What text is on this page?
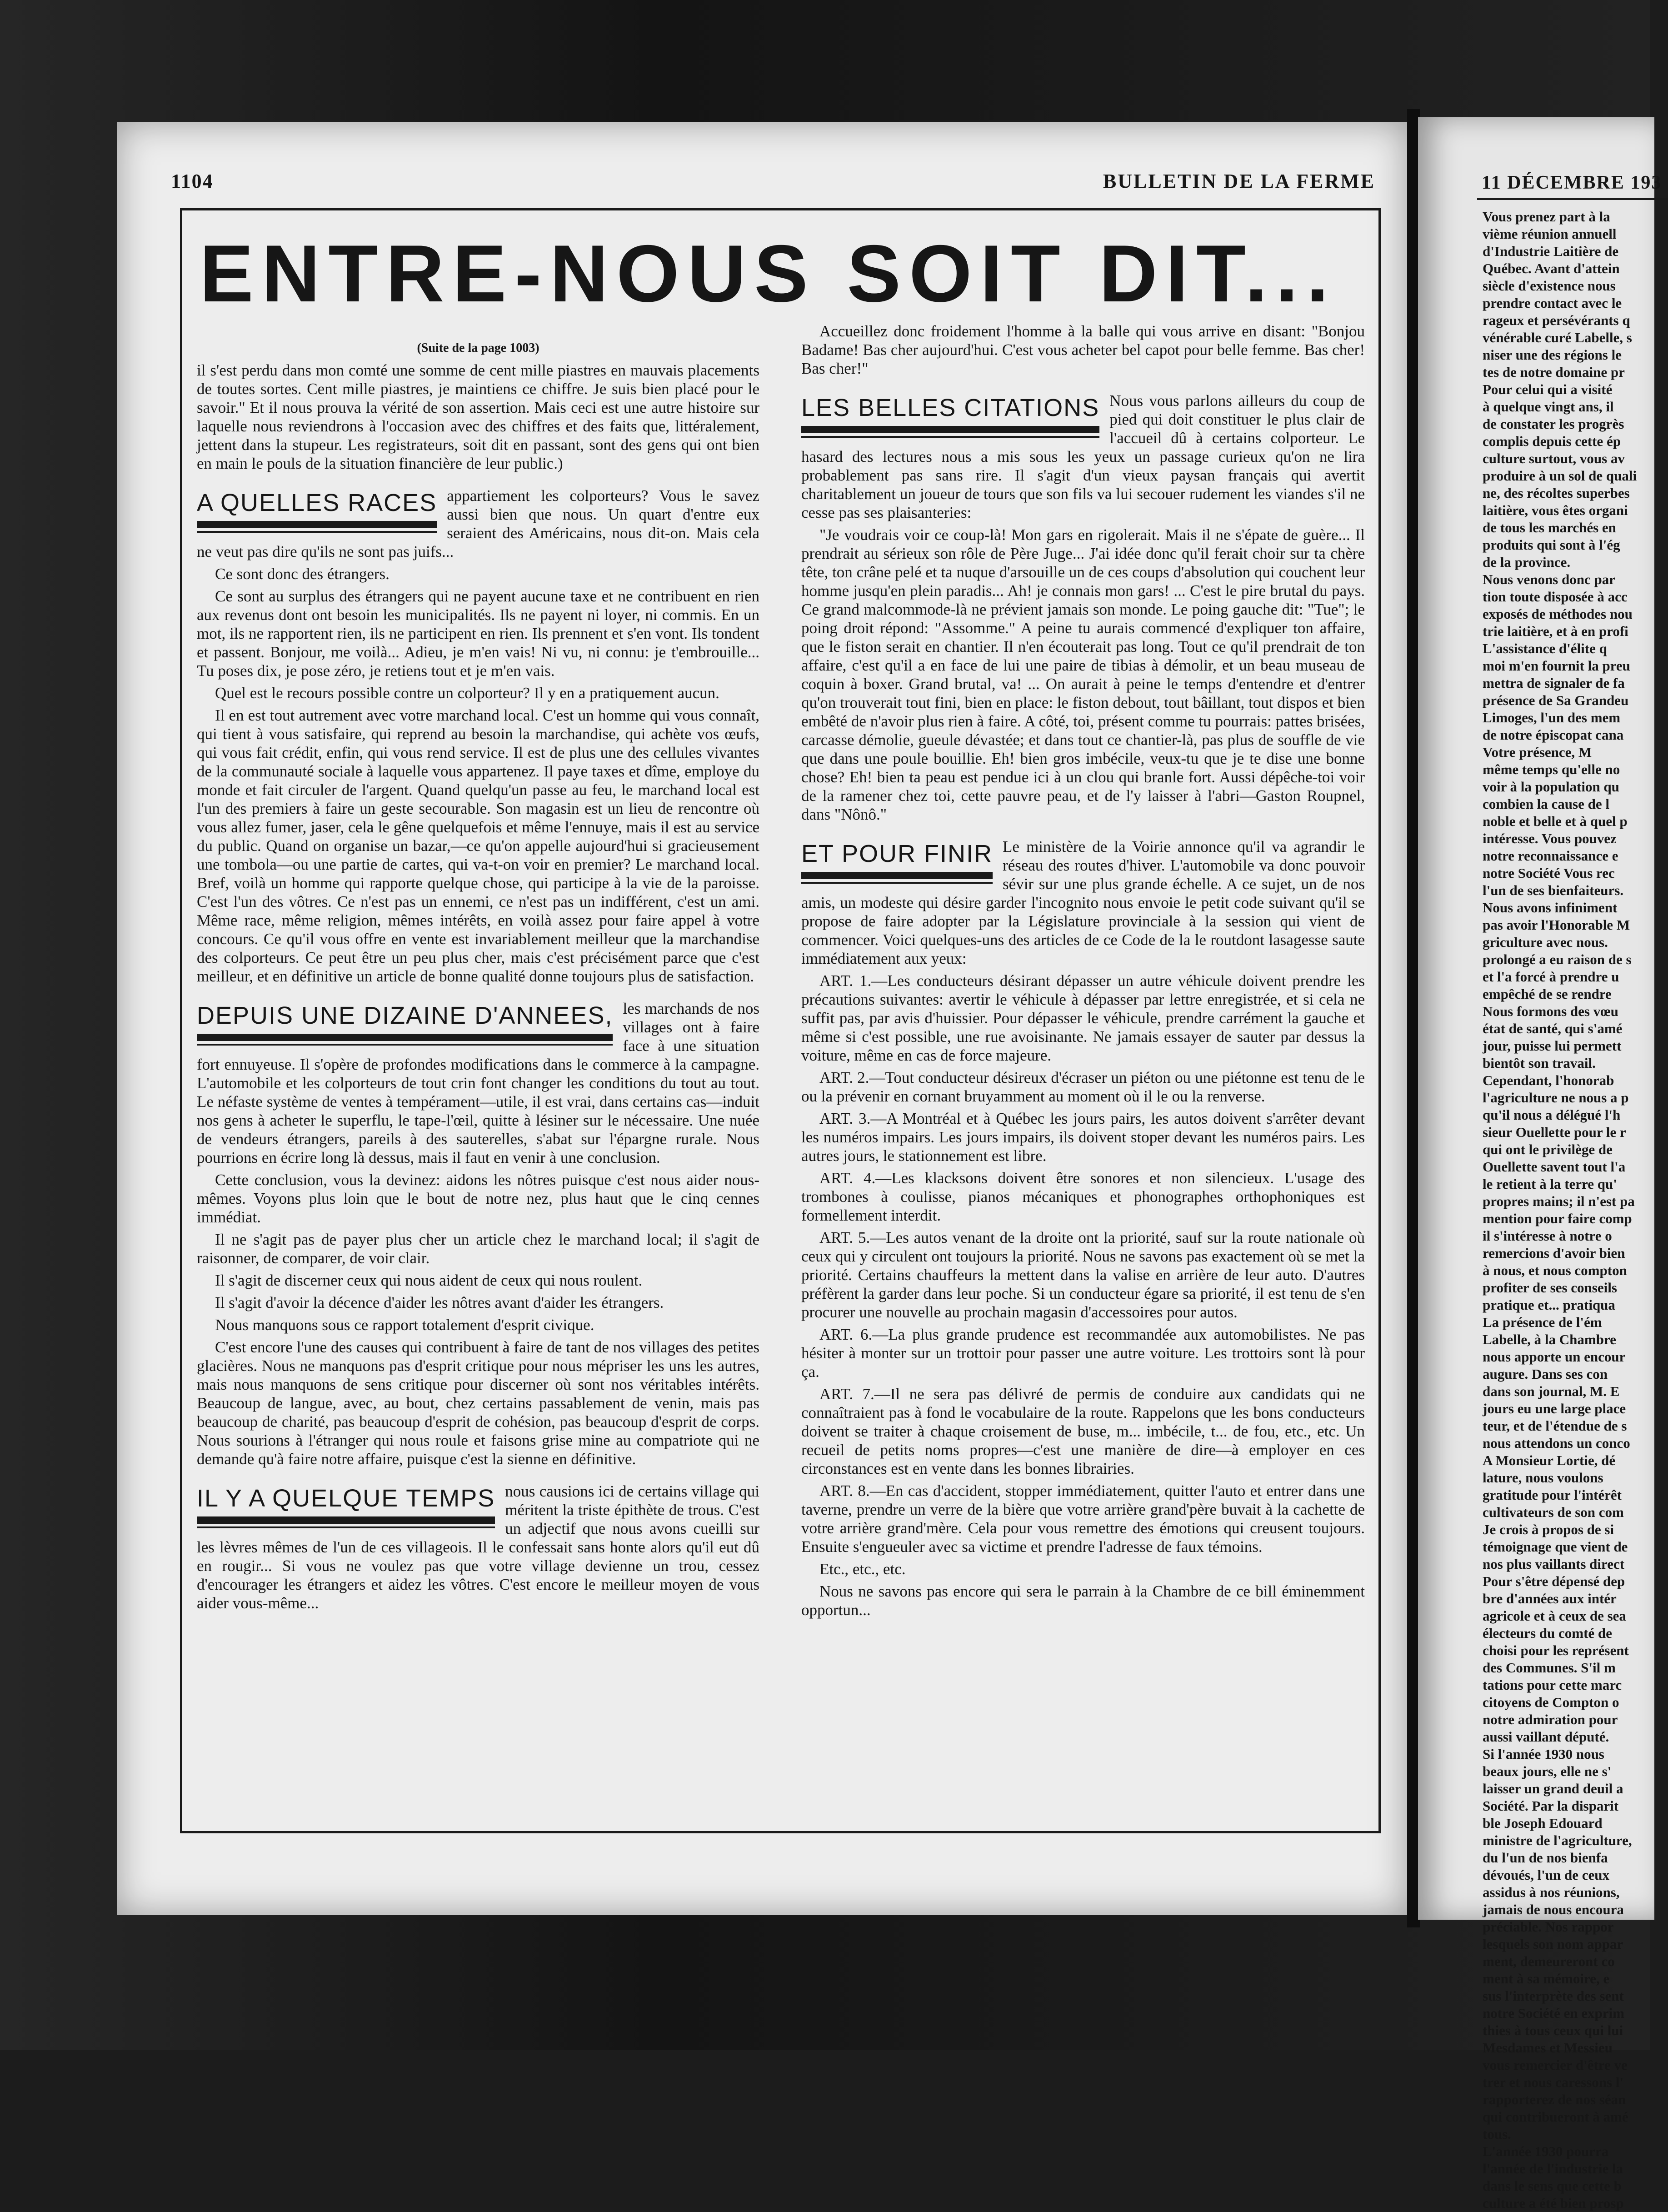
1104	BULLETIN DE LA FERME
ENTRE-NOUS SOIT DIT...

(Suite de la page 1003)

il s'est perdu dans mon comté une somme de cent mille piastres en mauvais placements de toutes sortes. Cent mille piastres, je maintiens ce chiffre. Je suis bien placé pour le savoir." Et il nous prouva la vérité de son assertion. Mais ceci est une autre histoire sur laquelle nous reviendrons à l'occasion avec des chiffres et des faits que, littéralement, jettent dans la stupeur. Les registrateurs, soit dit en passant, sont des gens qui ont bien en main le pouls de la situation financière de leur public.)

A QUELLES RACES appartiement les colporteurs? Vous le savez aussi bien que nous. Un quart d'entre eux seraient des Américains, nous dit-on. Mais cela ne veut pas dire qu'ils ne sont pas juifs...

Ce sont donc des étrangers.

Ce sont au surplus des étrangers qui ne payent aucune taxe et ne contribuent en rien aux revenus dont ont besoin les municipalités. Ils ne payent ni loyer, ni commis. En un mot, ils ne rapportent rien, ils ne participent en rien. Ils prennent et s'en vont. Ils tondent et passent. Bonjour, me voilà... Adieu, je m'en vais! Ni vu, ni connu: je t'embrouille... Tu poses dix, je pose zéro, je retiens tout et je m'en vais.

Quel est le recours possible contre un colporteur? Il y en a pratiquement aucun.

Il en est tout autrement avec votre marchand local. C'est un homme qui vous connaît, qui tient à vous satisfaire, qui reprend au besoin la marchandise, qui achète vos œufs, qui vous fait crédit, enfin, qui vous rend service. Il est de plus une des cellules vivantes de la communauté sociale à laquelle vous appartenez. Il paye taxes et dîme, employe du monde et fait circuler de l'argent. Quand quelqu'un passe au feu, le marchand local est l'un des premiers à faire un geste secourable. Son magasin est un lieu de rencontre où vous allez fumer, jaser, cela le gêne quelquefois et même l'ennuye, mais il est au service du public. Quand on organise un bazar,—ce qu'on appelle aujourd'hui si gracieusement une tombola—ou une partie de cartes, qui va-t-on voir en premier? Le marchand local. Bref, voilà un homme qui rapporte quelque chose, qui participe à la vie de la paroisse. C'est l'un des vôtres. Ce n'est pas un ennemi, ce n'est pas un indifférent, c'est un ami. Même race, même religion, mêmes intérêts, en voilà assez pour faire appel à votre concours. Ce qu'il vous offre en vente est invariablement meilleur que la marchandise des colporteurs. Ce peut être un peu plus cher, mais c'est précisément parce que c'est meilleur, et en définitive un article de bonne qualité donne toujours plus de satisfaction.

DEPUIS UNE DIZAINE D'ANNEES, les marchands de nos villages ont à faire face à une situation fort ennuyeuse. Il s'opère de profondes modifications dans le commerce à la campagne. L'automobile et les colporteurs de tout crin font changer les conditions du tout au tout. Le néfaste système de ventes à tempérament—utile, il est vrai, dans certains cas—induit nos gens à acheter le superflu, le tape-l'œil, quitte à lésiner sur le nécessaire. Une nuée de vendeurs étrangers, pareils à des sauterelles, s'abat sur l'épargne rurale. Nous pourrions en écrire long là dessus, mais il faut en venir à une conclusion.

Cette conclusion, vous la devinez: aidons les nôtres puisque c'est nous aider nous-mêmes. Voyons plus loin que le bout de notre nez, plus haut que le cinq cennes immédiat.

Il ne s'agit pas de payer plus cher un article chez le marchand local; il s'agit de raisonner, de comparer, de voir clair.

Il s'agit de discerner ceux qui nous aident de ceux qui nous roulent.

Il s'agit d'avoir la décence d'aider les nôtres avant d'aider les étrangers.

Nous manquons sous ce rapport totalement d'esprit civique.

C'est encore l'une des causes qui contribuent à faire de tant de nos villages des petites glacières. Nous ne manquons pas d'esprit critique pour nous mépriser les uns les autres, mais nous manquons de sens critique pour discerner où sont nos véritables intérêts. Beaucoup de langue, avec, au bout, chez certains passablement de venin, mais pas beaucoup de charité, pas beaucoup d'esprit de cohésion, pas beaucoup d'esprit de corps. Nous sourions à l'étranger qui nous roule et faisons grise mine au compatriote qui ne demande qu'à faire notre affaire, puisque c'est la sienne en définitive.

IL Y A QUELQUE TEMPS nous causions ici de certains village qui méritent la triste épithète de trous. C'est un adjectif que nous avons cueilli sur les lèvres mêmes de l'un de ces villageois. Il le confessait sans honte alors qu'il eut dû en rougir... Si vous ne voulez pas que votre village devienne un trou, cessez d'encourager les étrangers et aidez les vôtres. C'est encore le meilleur moyen de vous aider vous-même...

Accueillez donc froidement l'homme à la balle qui vous arrive en disant: "Bonjou Badame! Bas cher aujourd'hui. C'est vous acheter bel capot pour belle femme. Bas cher! Bas cher!"

LES BELLES CITATIONS Nous vous parlons ailleurs du coup de pied qui doit constituer le plus clair de l'accueil dû à certains colporteur. Le hasard des lectures nous a mis sous les yeux un passage curieux qu'on ne lira probablement pas sans rire. Il s'agit d'un vieux paysan français qui avertit charitablement un joueur de tours que son fils va lui secouer rudement les viandes s'il ne cesse pas ses plaisanteries:

"Je voudrais voir ce coup-là! Mon gars en rigolerait. Mais il ne s'épate de guère... Il prendrait au sérieux son rôle de Père Juge... J'ai idée donc qu'il ferait choir sur ta chère tête, ton crâne pelé et ta nuque d'arsouille un de ces coups d'absolution qui couchent leur homme jusqu'en plein paradis... Ah! je connais mon gars! ... C'est le pire brutal du pays. Ce grand malcommode-là ne prévient jamais son monde. Le poing gauche dit: "Tue"; le poing droit répond: "Assomme." A peine tu aurais commencé d'expliquer ton affaire, que le fiston serait en chantier. Il n'en écouterait pas long. Tout ce qu'il prendrait de ton affaire, c'est qu'il a en face de lui une paire de tibias à démolir, et un beau museau de coquin à boxer. Grand brutal, va! ... On aurait à peine le temps d'entendre et d'entrer qu'on trouverait tout fini, bien en place: le fiston debout, tout bâillant, tout dispos et bien embêté de n'avoir plus rien à faire. A côté, toi, présent comme tu pourrais: pattes brisées, carcasse démolie, gueule dévastée; et dans tout ce chantier-là, pas plus de souffle de vie que dans une poule bouillie. Eh! bien gros imbécile, veux-tu que je te dise une bonne chose? Eh! bien ta peau est pendue ici à un clou qui branle fort. Aussi dépêche-toi voir de la ramener chez toi, cette pauvre peau, et de l'y laisser à l'abri—Gaston Roupnel, dans "Nônô."

ET POUR FINIR Le ministère de la Voirie annonce qu'il va agrandir le réseau des routes d'hiver. L'automobile va donc pouvoir sévir sur une plus grande échelle. A ce sujet, un de nos amis, un modeste qui désire garder l'incognito nous envoie le petit code suivant qu'il se propose de faire adopter par la Législature provinciale à la session qui vient de commencer. Voici quelques-uns des articles de ce Code de la le routdont lasagesse saute immédiatement aux yeux:

ART. 1.—Les conducteurs désirant dépasser un autre véhicule doivent prendre les précautions suivantes: avertir le véhicule à dépasser par lettre enregistrée, et si cela ne suffit pas, par avis d'huissier. Pour dépasser le véhicule, prendre carrément la gauche et même si c'est possible, une rue avoisinante. Ne jamais essayer de sauter par dessus la voiture, même en cas de force majeure.

ART. 2.—Tout conducteur désireux d'écraser un piéton ou une piétonne est tenu de le ou la prévenir en cornant bruyamment au moment où il le ou la renverse.

ART. 3.—A Montréal et à Québec les jours pairs, les autos doivent s'arrêter devant les numéros impairs. Les jours impairs, ils doivent stoper devant les numéros pairs. Les autres jours, le stationnement est libre.

ART. 4.—Les klacksons doivent être sonores et non silencieux. L'usage des trombones à coulisse, pianos mécaniques et phonographes orthophoniques est formellement interdit.

ART. 5.—Les autos venant de la droite ont la priorité, sauf sur la route nationale où ceux qui y circulent ont toujours la priorité. Nous ne savons pas exactement où se met la priorité. Certains chauffeurs la mettent dans la valise en arrière de leur auto. D'autres préfèrent la garder dans leur poche. Si un conducteur égare sa priorité, il est tenu de s'en procurer une nouvelle au prochain magasin d'accessoires pour autos.

ART. 6.—La plus grande prudence est recommandée aux automobilistes. Ne pas hésiter à monter sur un trottoir pour passer une autre voiture. Les trottoirs sont là pour ça.

ART. 7.—Il ne sera pas délivré de permis de conduire aux candidats qui ne connaîtraient pas à fond le vocabulaire de la route. Rappelons que les bons conducteurs doivent se traiter à chaque croisement de buse, m... imbécile, t... de fou, etc., etc. Un recueil de petits noms propres—c'est une manière de dire—à employer en ces circonstances est en vente dans les bonnes librairies.

ART. 8.—En cas d'accident, stopper immédiatement, quitter l'auto et entrer dans une taverne, prendre un verre de la bière que votre arrière grand'père buvait à la cachette de votre arrière grand'mère. Cela pour vous remettre des émotions qui creusent toujours. Ensuite s'engueuler avec sa victime et prendre l'adresse de faux témoins.

Etc., etc., etc.

Nous ne savons pas encore qui sera le parrain à la Chambre de ce bill éminemment opportun...

11 DÉCEMBRE 193
Vous prenez part à la
vième réunion annuell
d'Industrie Laitière de
Québec. Avant d'attein
siècle d'existence nous
prendre contact avec le
rageux et persévérants q
vénérable curé Labelle, s
niser une des régions le
tes de notre domaine pr
Pour celui qui a visité
à quelque vingt ans, il
de constater les progrès
complis depuis cette ép
culture surtout, vous av
produire à un sol de quali
ne, des récoltes superbes
laitière, vous êtes organi
de tous les marchés en
produits qui sont à l'ég
de la province.
Nous venons donc par
tion toute disposée à acc
exposés de méthodes nou
trie laitière, et à en profi
L'assistance d'élite q
moi m'en fournit la preu
mettra de signaler de fa
présence de Sa Grandeu
Limoges, l'un des mem
de notre épiscopat cana
Votre présence, M
même temps qu'elle no
voir à la population qu
combien la cause de l
noble et belle et à quel p
intéresse. Vous pouvez
notre reconnaissance e
notre Société Vous rec
l'un de ses bienfaiteurs.
Nous avons infiniment
pas avoir l'Honorable M
griculture avec nous.
prolongé a eu raison de s
et l'a forcé à prendre u
empêché de se rendre
Nous formons des vœu
état de santé, qui s'amé
jour, puisse lui permett
bientôt son travail.
Cependant, l'honorab
l'agriculture ne nous a p
qu'il nous a délégué l'h
sieur Ouellette pour le r
qui ont le privilège de
Ouellette savent tout l'a
le retient à la terre qu'
propres mains; il n'est pa
mention pour faire comp
il s'intéresse à notre o
remercions d'avoir bien
à nous, et nous compton
profiter de ses conseils
pratique et... pratiqua
La présence de l'ém
Labelle, à la Chambre
nous apporte un encour
augure. Dans ses con
dans son journal, M. E
jours eu une large place
teur, et de l'étendue de s
nous attendons un conco
A Monsieur Lortie, dé
lature, nous voulons
gratitude pour l'intérêt
cultivateurs de son com
Je crois à propos de si
témoignage que vient de
nos plus vaillants direct
Pour s'être dépensé dep
bre d'années aux intér
agricole et à ceux de sea
électeurs du comté de
choisi pour les représent
des Communes. S'il m
tations pour cette marc
citoyens de Compton o
notre admiration pour
aussi vaillant député.
Si l'année 1930 nous
beaux jours, elle ne s'
laisser un grand deuil a
Société. Par la disparit
ble Joseph Edouard
ministre de l'agriculture,
du l'un de nos bienfa
dévoués, l'un de ceux
assidus à nos réunions,
jamais de nous encoura
préciable. Nos rappor
lesquels son nom appar
ment, demeureront co
ment à sa mémoire, e
sus l'interprète des sent
notre Société en exprim
thies à tous ceux qui lui
Mesdames et Messieu
vous remercier d'être ve
trer et nous caressons l'
rapporterez de nos séan
qui contribueront à amé
tous.
L'année 1930 pourra
l'année de l'industrie la
dans le sens que cette b
culture a été bien prosp
